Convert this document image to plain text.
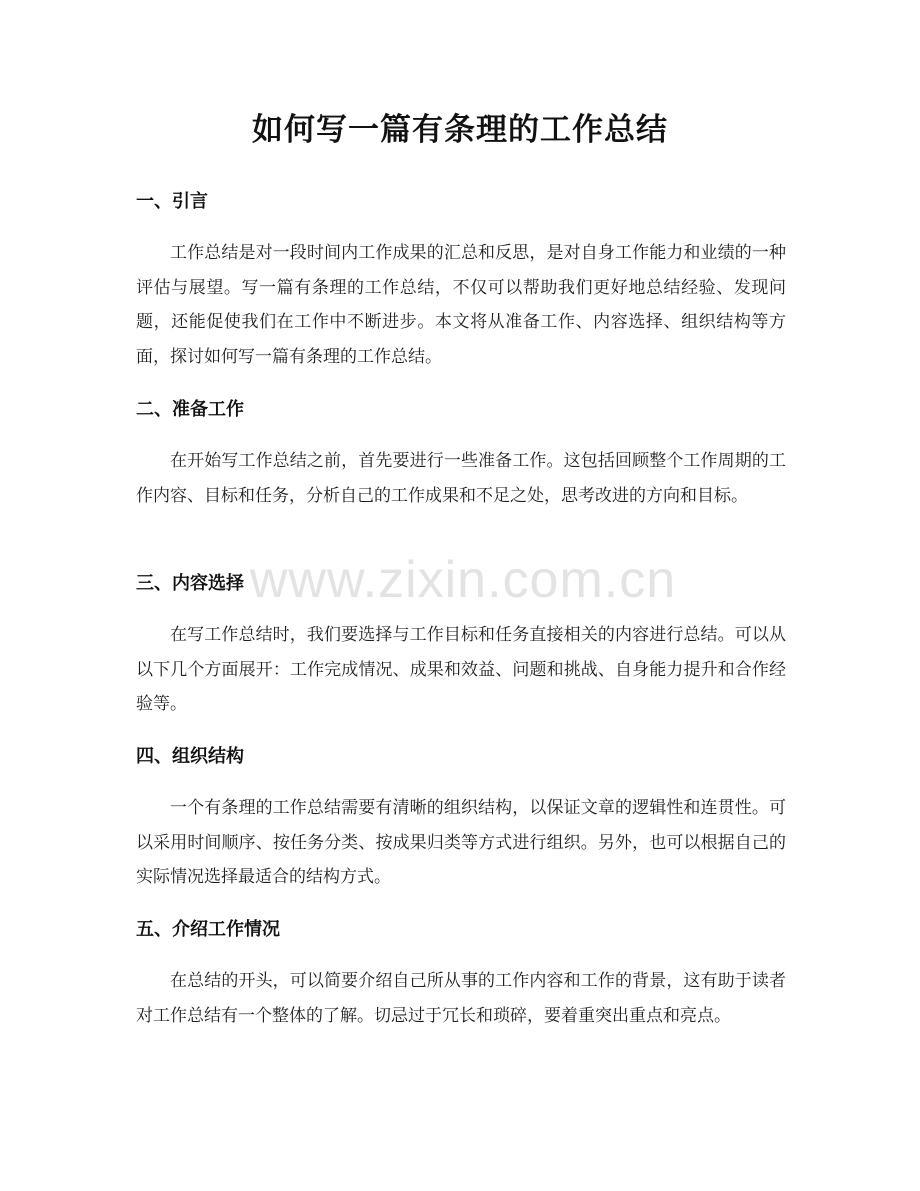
www.zixin.com.cn
如何写一篇有条理的工作总结
一、引言
工作总结是对一段时间内工作成果的汇总和反思，是对自身工作能力和业绩的一种评估与展望。写一篇有条理的工作总结，不仅可以帮助我们更好地总结经验、发现问题，还能促使我们在工作中不断进步。本文将从准备工作、内容选择、组织结构等方面，探讨如何写一篇有条理的工作总结。
二、准备工作
在开始写工作总结之前，首先要进行一些准备工作。这包括回顾整个工作周期的工作内容、目标和任务，分析自己的工作成果和不足之处，思考改进的方向和目标。
三、内容选择
在写工作总结时，我们要选择与工作目标和任务直接相关的内容进行总结。可以从以下几个方面展开：工作完成情况、成果和效益、问题和挑战、自身能力提升和合作经验等。
四、组织结构
一个有条理的工作总结需要有清晰的组织结构，以保证文章的逻辑性和连贯性。可以采用时间顺序、按任务分类、按成果归类等方式进行组织。另外，也可以根据自己的实际情况选择最适合的结构方式。
五、介绍工作情况
在总结的开头，可以简要介绍自己所从事的工作内容和工作的背景，这有助于读者对工作总结有一个整体的了解。切忌过于冗长和琐碎，要着重突出重点和亮点。
